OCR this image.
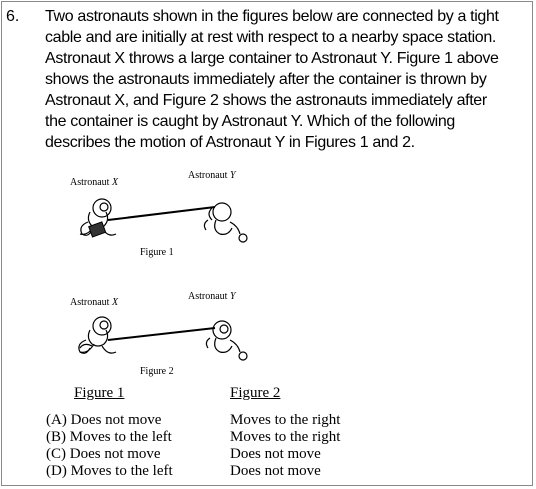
6. Two astronauts shown in the figures below are connected by a tight
cable and are initially at rest with respect to a nearby space station.
Astronaut X throws a large container to Astronaut Y. Figure 1 above
shows the astronauts immediately after the container is thrown by
Astronaut X, and Figure 2 shows the astronauts immediately after
the container is caught by Astronaut Y. Which of the following
describes the motion of Astronaut Y in Figures 1 and 2.
Astronaut X
Astronaut Y
Figure 1
Astronaut X
Astronaut Y
Figure 2
Figure 1	Figure 2
(A) Does not move
(B) Moves to the left
(C) Does not move
(D) Moves to the left
Moves to the right
Moves to the right
Does not move
Does not move
